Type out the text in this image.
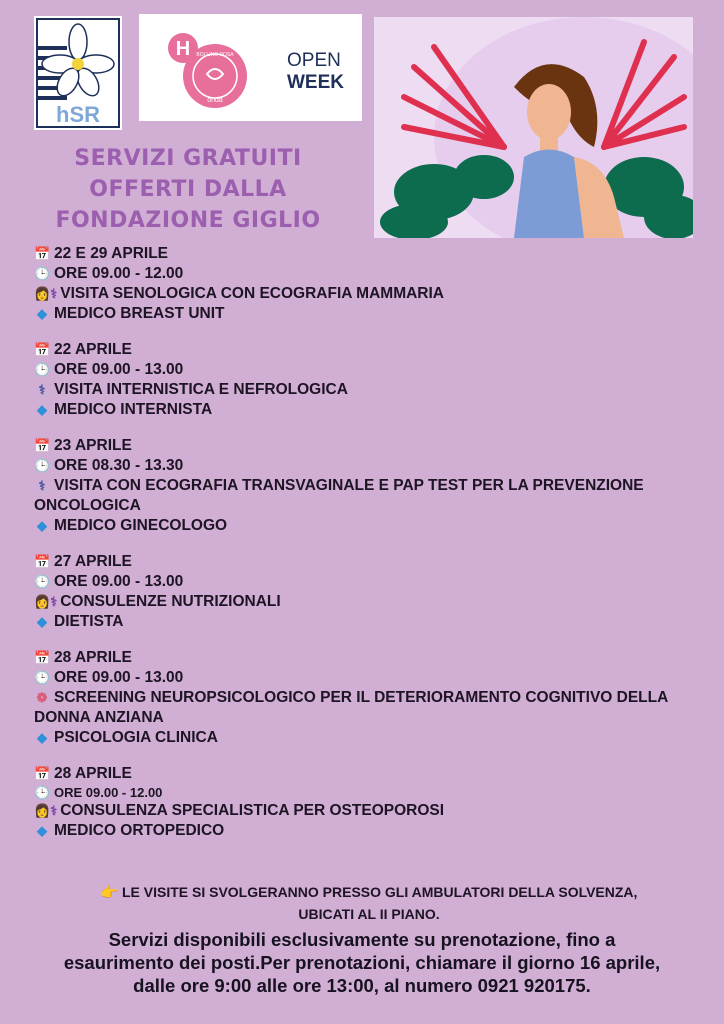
hSR
H BOLLINO ROSA
onda
OPEN
WEEK
SERVIZI GRATUITI
OFFERTI DALLA
FONDAZIONE GIGLIO
📅 22 E 29 APRILE
🕒 ORE 09.00 - 12.00
👩⚕ VISITA SENOLOGICA CON ECOGRAFIA MAMMARIA
◆ MEDICO BREAST UNIT
📅 22 APRILE
🕒 ORE 09.00 - 13.00
⚕ VISITA INTERNISTICA E NEFROLOGICA
◆ MEDICO INTERNISTA
📅 23 APRILE
🕒 ORE 08.30 - 13.30
⚕ VISITA CON ECOGRAFIA TRANSVAGINALE E PAP TEST PER LA PREVENZIONE ONCOLOGICA
◆ MEDICO GINECOLOGO
📅 27 APRILE
🕒 ORE 09.00 - 13.00
👩⚕ CONSULENZE NUTRIZIONALI
◆ DIETISTA
📅 28 APRILE
🕒 ORE 09.00 - 13.00
❁ SCREENING NEUROPSICOLOGICO PER IL DETERIORAMENTO COGNITIVO DELLA DONNA ANZIANA
◆ PSICOLOGIA CLINICA
📅 28 APRILE
🕒 ORE 09.00 - 12.00
👩⚕ CONSULENZA SPECIALISTICA PER OSTEOPOROSI
◆ MEDICO ORTOPEDICO
👉 LE VISITE SI SVOLGERANNO PRESSO GLI AMBULATORI DELLA SOLVENZA,
UBICATI AL II PIANO.
Servizi disponibili esclusivamente su prenotazione, fino a
esaurimento dei posti.Per prenotazioni, chiamare il giorno 16 aprile,
dalle ore 9:00 alle ore 13:00, al numero 0921 920175.
